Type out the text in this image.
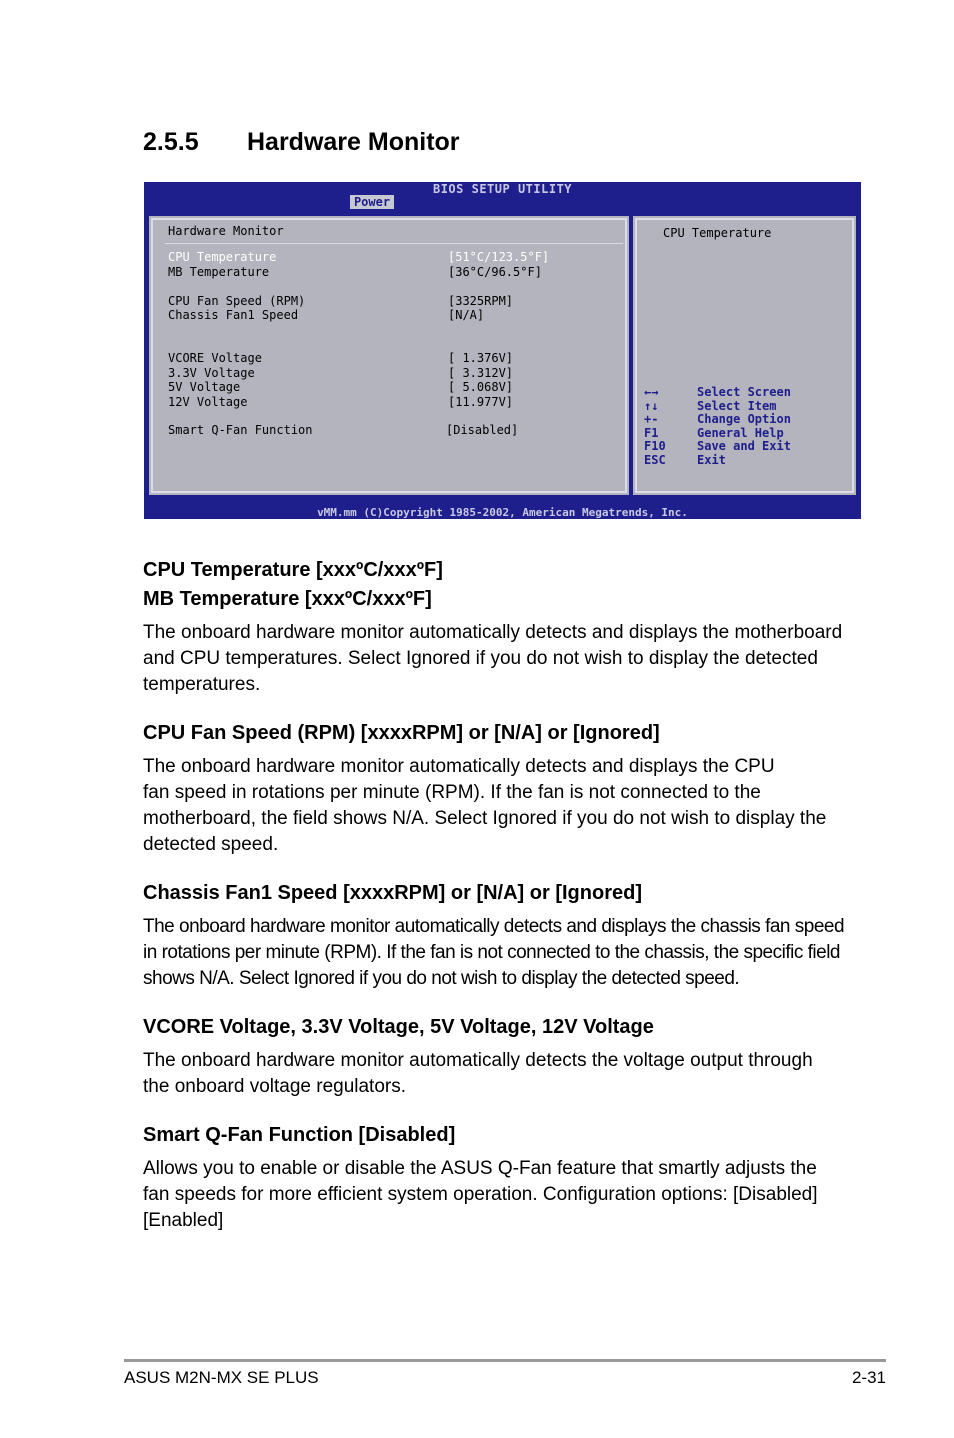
2.5.5 Hardware Monitor
BIOS SETUP UTILITY
Power
Hardware Monitor
CPU Temperature	[51°C/123.5°F]
MB Temperature	[36°C/96.5°F]
CPU Fan Speed (RPM)	[3325RPM]
Chassis Fan1 Speed	[N/A]
VCORE Voltage	[ 1.376V]
3.3V Voltage	[ 3.312V]
5V Voltage	[ 5.068V]
12V Voltage	[11.977V]
Smart Q-Fan Function	[Disabled]
CPU Temperature
←→	Select Screen
↑↓	Select Item
+-	Change Option
F1	General Help
F10	Save and Exit
ESC	Exit
vMM.mm (C)Copyright 1985-2002, American Megatrends, Inc.
CPU Temperature [xxxºC/xxxºF]
MB Temperature [xxxºC/xxxºF]
The onboard hardware monitor automatically detects and displays the motherboard
and CPU temperatures. Select Ignored if you do not wish to display the detected
temperatures.
CPU Fan Speed (RPM) [xxxxRPM] or [N/A] or [Ignored]
The onboard hardware monitor automatically detects and displays the CPU
fan speed in rotations per minute (RPM). If the fan is not connected to the
motherboard, the field shows N/A. Select Ignored if you do not wish to display the
detected speed.
Chassis Fan1 Speed [xxxxRPM] or [N/A] or [Ignored]
The onboard hardware monitor automatically detects and displays the chassis fan speed
in rotations per minute (RPM). If the fan is not connected to the chassis, the specific field
shows N/A. Select Ignored if you do not wish to display the detected speed.
VCORE Voltage, 3.3V Voltage, 5V Voltage, 12V Voltage
The onboard hardware monitor automatically detects the voltage output through
the onboard voltage regulators.
Smart Q-Fan Function [Disabled]
Allows you to enable or disable the ASUS Q-Fan feature that smartly adjusts the
fan speeds for more efficient system operation. Configuration options: [Disabled]
[Enabled]
ASUS M2N-MX SE PLUS	2-31
